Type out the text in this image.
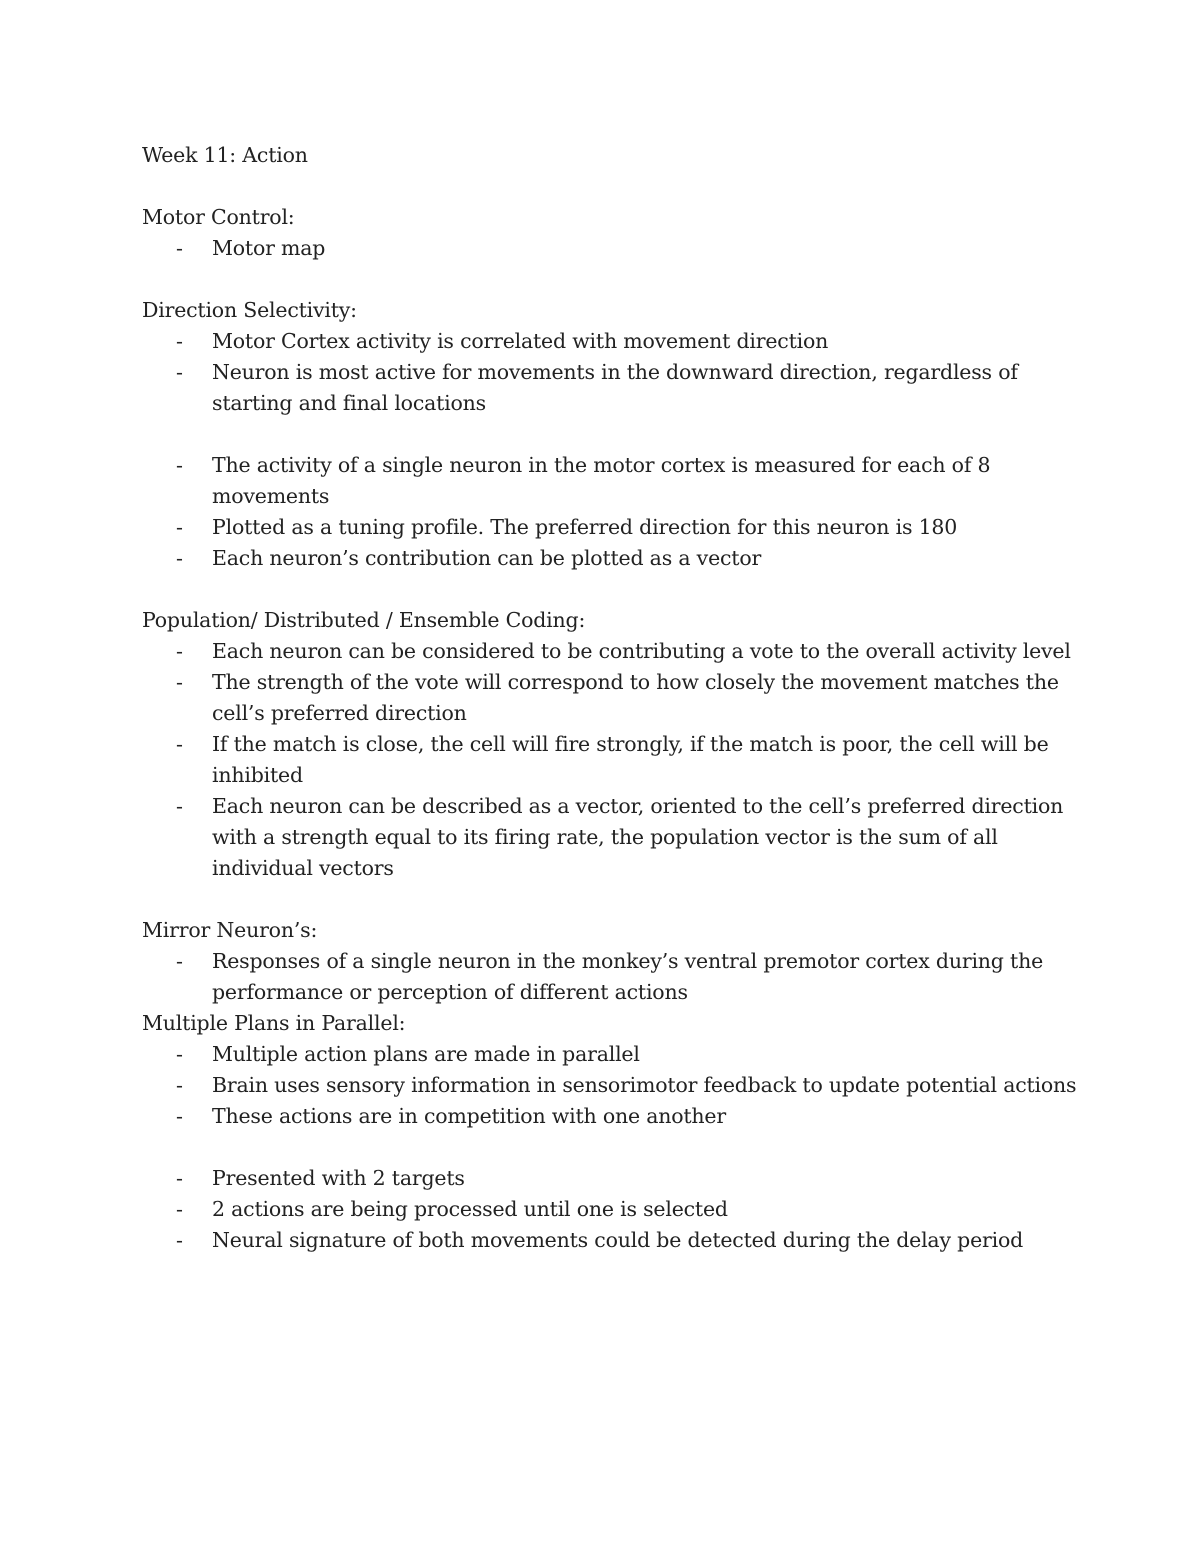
Week 11: Action

Motor Control:

- Motor map

Direction Selectivity:

- Motor Cortex activity is correlated with movement direction
- Neuron is most active for movements in the downward direction, regardless of starting and final locations
- The activity of a single neuron in the motor cortex is measured for each of 8 movements
- Plotted as a tuning profile. The preferred direction for this neuron is 180
- Each neuron’s contribution can be plotted as a vector

Population/ Distributed / Ensemble Coding:

- Each neuron can be considered to be contributing a vote to the overall activity level
- The strength of the vote will correspond to how closely the movement matches the cell’s preferred direction
- If the match is close, the cell will fire strongly, if the match is poor, the cell will be inhibited
- Each neuron can be described as a vector, oriented to the cell’s preferred direction with a strength equal to its firing rate, the population vector is the sum of all individual vectors

Mirror Neuron’s:

- Responses of a single neuron in the monkey’s ventral premotor cortex during the performance or perception of different actions

Multiple Plans in Parallel:

- Multiple action plans are made in parallel
- Brain uses sensory information in sensorimotor feedback to update potential actions
- These actions are in competition with one another
- Presented with 2 targets
- 2 actions are being processed until one is selected
- Neural signature of both movements could be detected during the delay period
